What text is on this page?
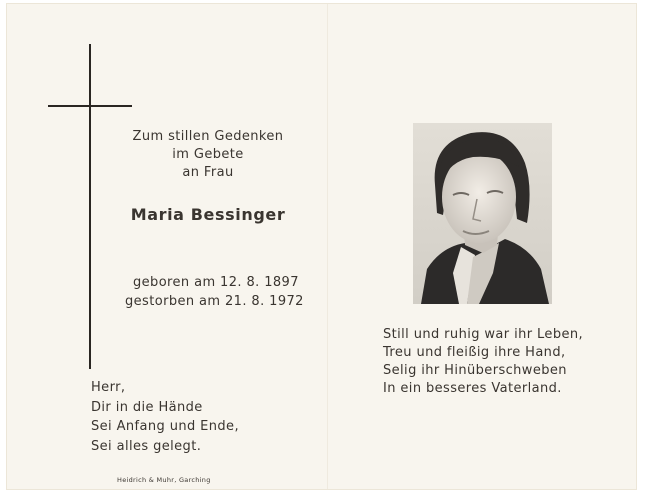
Zum stillen Gedenken
im Gebete
an Frau
Maria Bessinger
geboren am 12. 8. 1897
gestorben am 21. 8. 1972
Herr,
Dir in die Hände
Sei Anfang und Ende,
Sei alles gelegt.
Heidrich & Muhr, Garching
Still und ruhig war ihr Leben,
Treu und fleißig ihre Hand,
Selig ihr Hinüberschweben
In ein besseres Vaterland.
